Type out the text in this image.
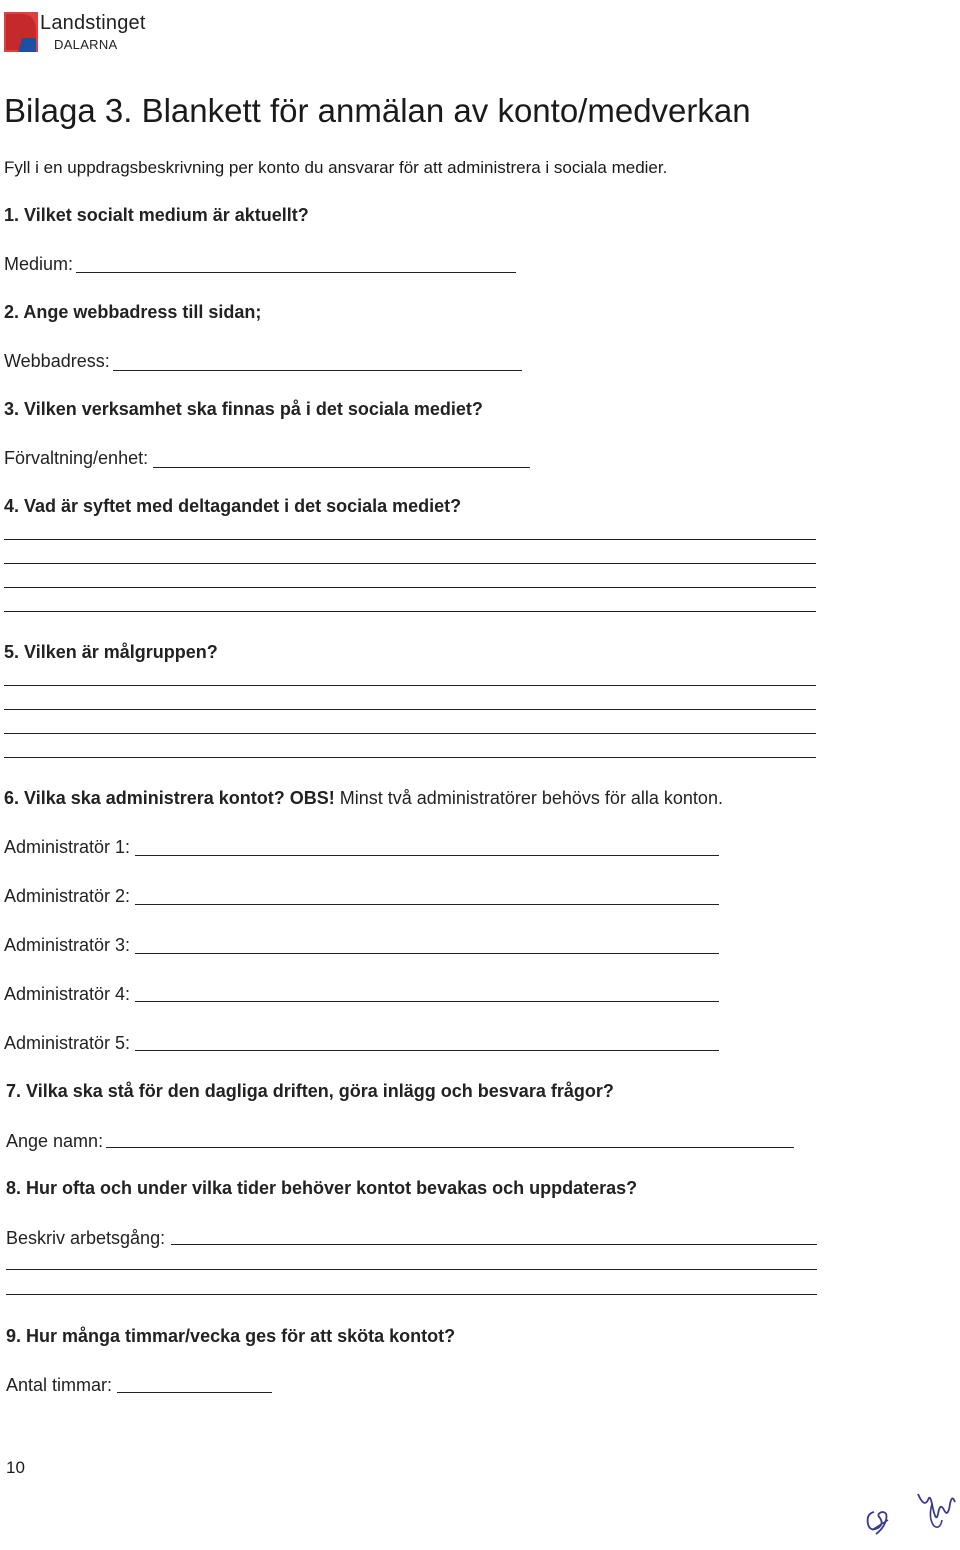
Landstinget
DALARNA
Bilaga 3. Blankett för anmälan av konto/medverkan
Fyll i en uppdragsbeskrivning per konto du ansvarar för att administrera i sociala medier.
1. Vilket socialt medium är aktuellt?
Medium:
2. Ange webbadress till sidan;
Webbadress:
3. Vilken verksamhet ska finnas på i det sociala mediet?
Förvaltning/enhet:
4. Vad är syftet med deltagandet i det sociala mediet?
5. Vilken är målgruppen?
6. Vilka ska administrera kontot? OBS! Minst två administratörer behövs för alla konton.
Administratör 1:
Administratör 2:
Administratör 3:
Administratör 4:
Administratör 5:
7. Vilka ska stå för den dagliga driften, göra inlägg och besvara frågor?
Ange namn:
8. Hur ofta och under vilka tider behöver kontot bevakas och uppdateras?
Beskriv arbetsgång:
9. Hur många timmar/vecka ges för att sköta kontot?
Antal timmar:
10
